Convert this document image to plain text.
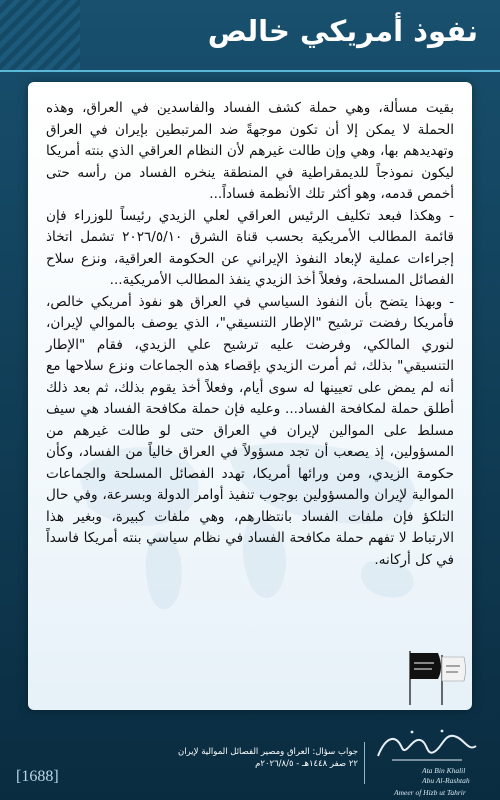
نفوذ أمريكي خالص

بقيت مسألة، وهي حملة كشف الفساد والفاسدين في العراق، وهذه الحملة لا يمكن إلا أن تكون موجهةً ضد المرتبطين بإيران في العراق وتهديدهم بها، وهي وإن طالت غيرهم لأن النظام العراقي الذي بنته أمريكا ليكون نموذجاً للديمقراطية في المنطقة ينخره الفساد من رأسه حتى أخمص قدمه، وهو أكثر تلك الأنظمة فساداً...

- وهكذا فبعد تكليف الرئيس العراقي لعلي الزيدي رئيساً للوزراء فإن قائمة المطالب الأمريكية بحسب قناة الشرق ٢٠٢٦/٥/١٠ تشمل اتخاذ إجراءات عملية لإبعاد النفوذ الإيراني عن الحكومة العراقية، ونزع سلاح الفصائل المسلحة، وفعلاً أخذ الزيدي ينفذ المطالب الأمريكية...

- وبهذا يتضح بأن النفوذ السياسي في العراق هو نفوذ أمريكي خالص، فأمريكا رفضت ترشيح "الإطار التنسيقي"، الذي يوصف بالموالي لإيران، لنوري المالكي، وفرضت عليه ترشيح علي الزيدي، فقام "الإطار التنسيقي" بذلك، ثم أمرت الزيدي بإقصاء هذه الجماعات ونزع سلاحها مع أنه لم يمض على تعيينها له سوى أيام، وفعلاً أخذ يقوم بذلك، ثم بعد ذلك أطلق حملة لمكافحة الفساد... وعليه فإن حملة مكافحة الفساد هي سيف مسلط على الموالين لإيران في العراق حتى لو طالت غيرهم من المسؤولين، إذ يصعب أن تجد مسؤولاً في العراق خالياً من الفساد، وكأن حكومة الزيدي، ومن ورائها أمريكا، تهدد الفصائل المسلحة والجماعات الموالية لإيران والمسؤولين بوجوب تنفيذ أوامر الدولة وبسرعة، وفي حال التلكؤ فإن ملفات الفساد بانتظارهم، وهي ملفات كبيرة، وبغير هذا الارتباط لا تفهم حملة مكافحة الفساد في نظام سياسي بنته أمريكا فاسداً في كل أركانه.

[1688]
جواب سؤال: العراق ومصير الفصائل الموالية لإيران
٢٢ صفر ١٤٤٨هـ - ٢٠٢٦/٨/٥م
Ata Bin Khalil
Abu Al-Rashtah
Ameer of Hizb ut Tahrir
